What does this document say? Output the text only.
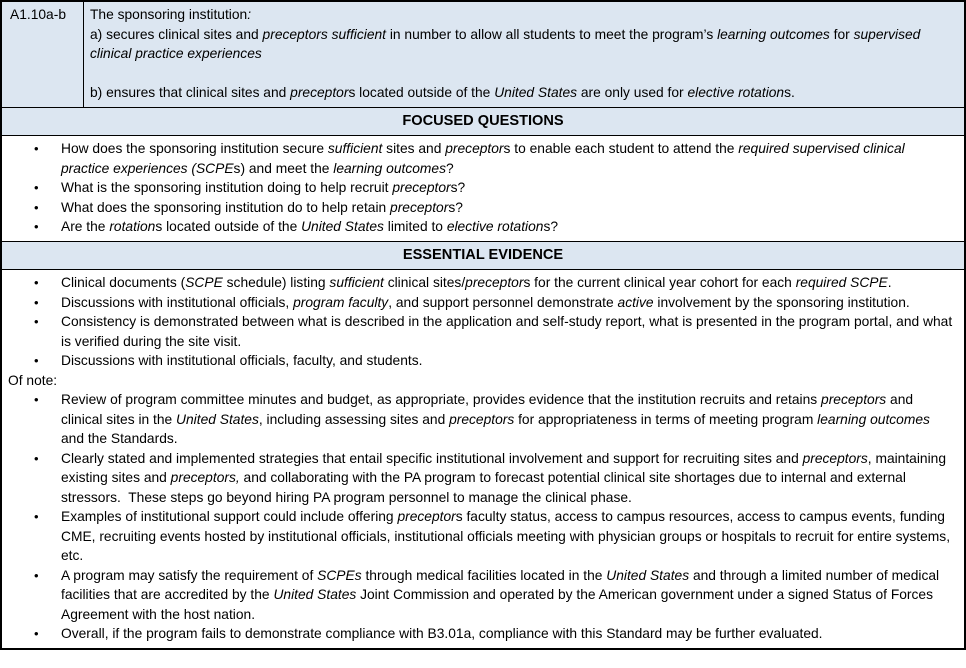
A1.10a-b	The sponsoring institution:
a) secures clinical sites and preceptors sufficient in number to allow all students to meet the program’s learning outcomes for supervised clinical practice experiences

b) ensures that clinical sites and preceptors located outside of the United States are only used for elective rotations.
FOCUSED QUESTIONS
•	How does the sponsoring institution secure sufficient sites and preceptors to enable each student to attend the required supervised clinical practice experiences (SCPEs) and meet the learning outcomes?
•	What is the sponsoring institution doing to help recruit preceptors?
•	What does the sponsoring institution do to help retain preceptors?
•	Are the rotations located outside of the United States limited to elective rotations?
ESSENTIAL EVIDENCE
•	Clinical documents (SCPE schedule) listing sufficient clinical sites/preceptors for the current clinical year cohort for each required SCPE.
•	Discussions with institutional officials, program faculty, and support personnel demonstrate active involvement by the sponsoring institution.
•	Consistency is demonstrated between what is described in the application and self-study report, what is presented in the program portal, and what is verified during the site visit.
•	Discussions with institutional officials, faculty, and students.
Of note:
•	Review of program committee minutes and budget, as appropriate, provides evidence that the institution recruits and retains preceptors and clinical sites in the United States, including assessing sites and preceptors for appropriateness in terms of meeting program learning outcomes and the Standards.
•	Clearly stated and implemented strategies that entail specific institutional involvement and support for recruiting sites and preceptors, maintaining existing sites and preceptors, and collaborating with the PA program to forecast potential clinical site shortages due to internal and external stressors.  These steps go beyond hiring PA program personnel to manage the clinical phase.
•	Examples of institutional support could include offering preceptors faculty status, access to campus resources, access to campus events, funding CME, recruiting events hosted by institutional officials, institutional officials meeting with physician groups or hospitals to recruit for entire systems, etc.
•	A program may satisfy the requirement of SCPEs through medical facilities located in the United States and through a limited number of medical facilities that are accredited by the United States Joint Commission and operated by the American government under a signed Status of Forces Agreement with the host nation.
•	Overall, if the program fails to demonstrate compliance with B3.01a, compliance with this Standard may be further evaluated.
